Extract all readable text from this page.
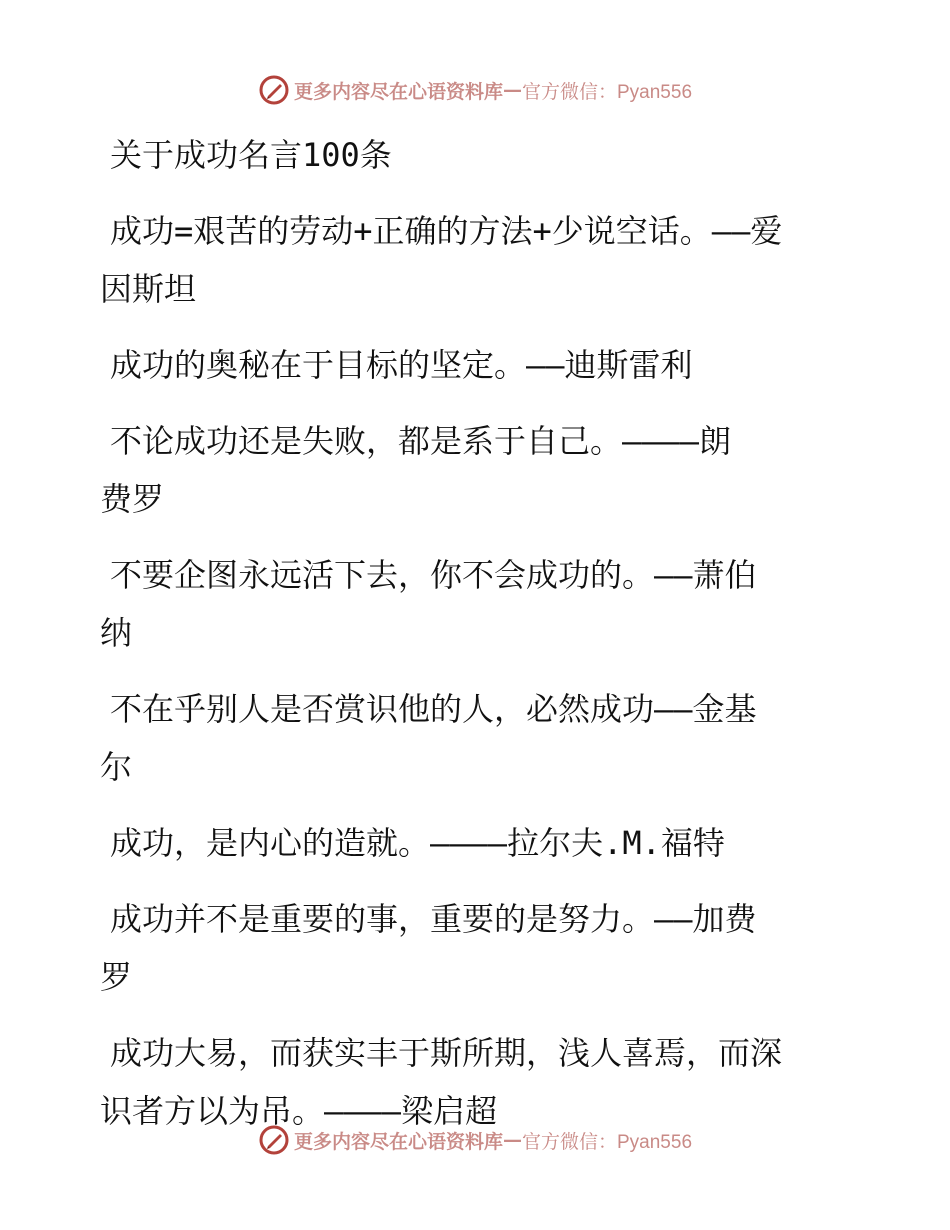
更多内容尽在心语资料库 — 官方微信：Pyan556
关于成功名言100条
成功=艰苦的劳动+正确的方法+少说空话。——爱
因斯坦
成功的奥秘在于目标的坚定。——迪斯雷利
不论成功还是失败，都是系于自己。————朗
费罗
不要企图永远活下去，你不会成功的。——萧伯
纳
不在乎别人是否赏识他的人，必然成功——金基
尔
成功，是内心的造就。————拉尔夫.M.福特
成功并不是重要的事，重要的是努力。——加费
罗
成功大易，而获实丰于斯所期，浅人喜焉，而深
识者方以为吊。————梁启超
更多内容尽在心语资料库 — 官方微信：Pyan556
